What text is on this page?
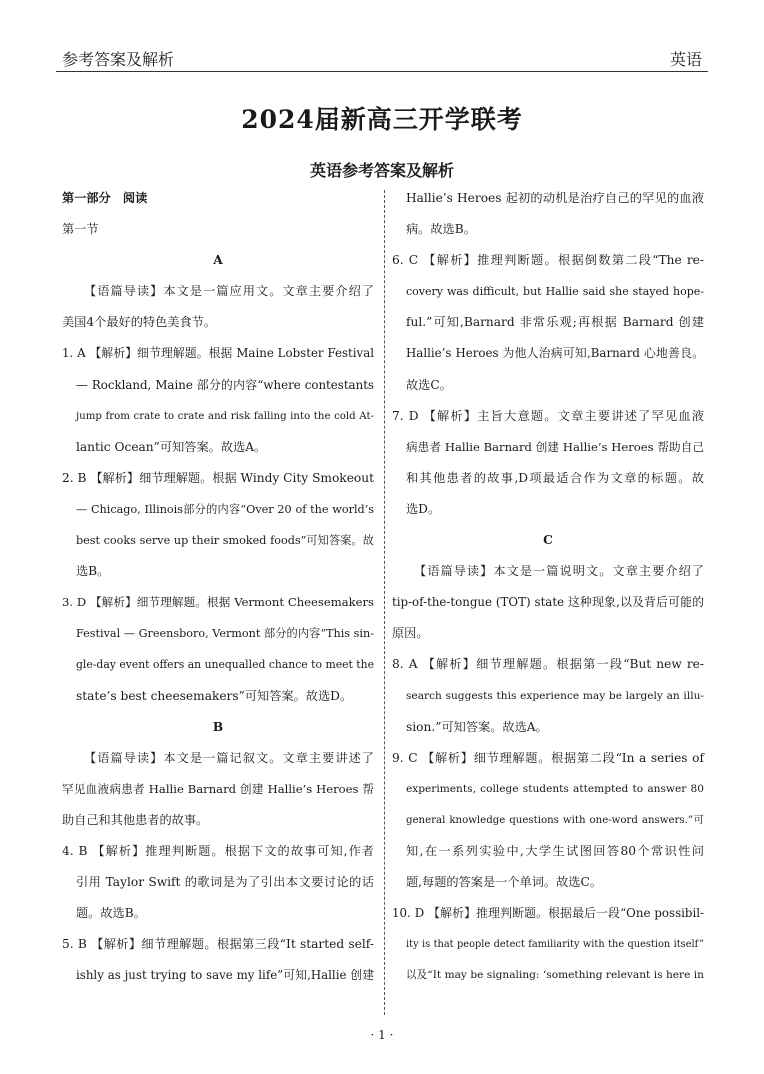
参考答案及解析	英语
2024届新高三开学联考
英语参考答案及解析
第一部分　阅读
第一节
A
【语篇导读】本文是一篇应用文。文章主要介绍了
美国4个最好的特色美食节。
1. A 【解析】细节理解题。根据 Maine Lobster Festival
— Rockland, Maine 部分的内容“where contestants
jump from crate to crate and risk falling into the cold At-
lantic Ocean”可知答案。故选A。
2. B 【解析】细节理解题。根据 Windy City Smokeout
— Chicago, Illinois部分的内容“Over 20 of the world’s
best cooks serve up their smoked foods”可知答案。故
选B。
3. D 【解析】细节理解题。根据 Vermont Cheesemakers
Festival — Greensboro, Vermont 部分的内容“This sin-
gle-day event offers an unequalled chance to meet the
state’s best cheesemakers”可知答案。故选D。
B
【语篇导读】本文是一篇记叙文。文章主要讲述了
罕见血液病患者 Hallie Barnard 创建 Hallie’s Heroes 帮
助自己和其他患者的故事。
4. B 【解析】推理判断题。根据下文的故事可知,作者
引用 Taylor Swift 的歌词是为了引出本文要讨论的话
题。故选B。
5. B 【解析】细节理解题。根据第三段“It started self-
ishly as just trying to save my life”可知,Hallie 创建
Hallie’s Heroes 起初的动机是治疗自己的罕见的血液
病。故选B。
6. C 【解析】推理判断题。根据倒数第二段“The re-
covery was difficult, but Hallie said she stayed hope-
ful.”可知,Barnard 非常乐观;再根据 Barnard 创建
Hallie’s Heroes 为他人治病可知,Barnard 心地善良。
故选C。
7. D 【解析】主旨大意题。文章主要讲述了罕见血液
病患者 Hallie Barnard 创建 Hallie’s Heroes 帮助自己
和其他患者的故事,D项最适合作为文章的标题。故
选D。
C
【语篇导读】本文是一篇说明文。文章主要介绍了
tip-of-the-tongue (TOT) state 这种现象,以及背后可能的
原因。
8. A 【解析】细节理解题。根据第一段“But new re-
search suggests this experience may be largely an illu-
sion.”可知答案。故选A。
9. C 【解析】细节理解题。根据第二段“In a series of
experiments, college students attempted to answer 80
general knowledge questions with one-word answers.”可
知,在一系列实验中,大学生试图回答80个常识性问
题,每题的答案是一个单词。故选C。
10. D 【解析】推理判断题。根据最后一段“One possibil-
ity is that people detect familiarity with the question itself”
以及“It may be signaling: ‘something relevant is here in
· 1 ·
